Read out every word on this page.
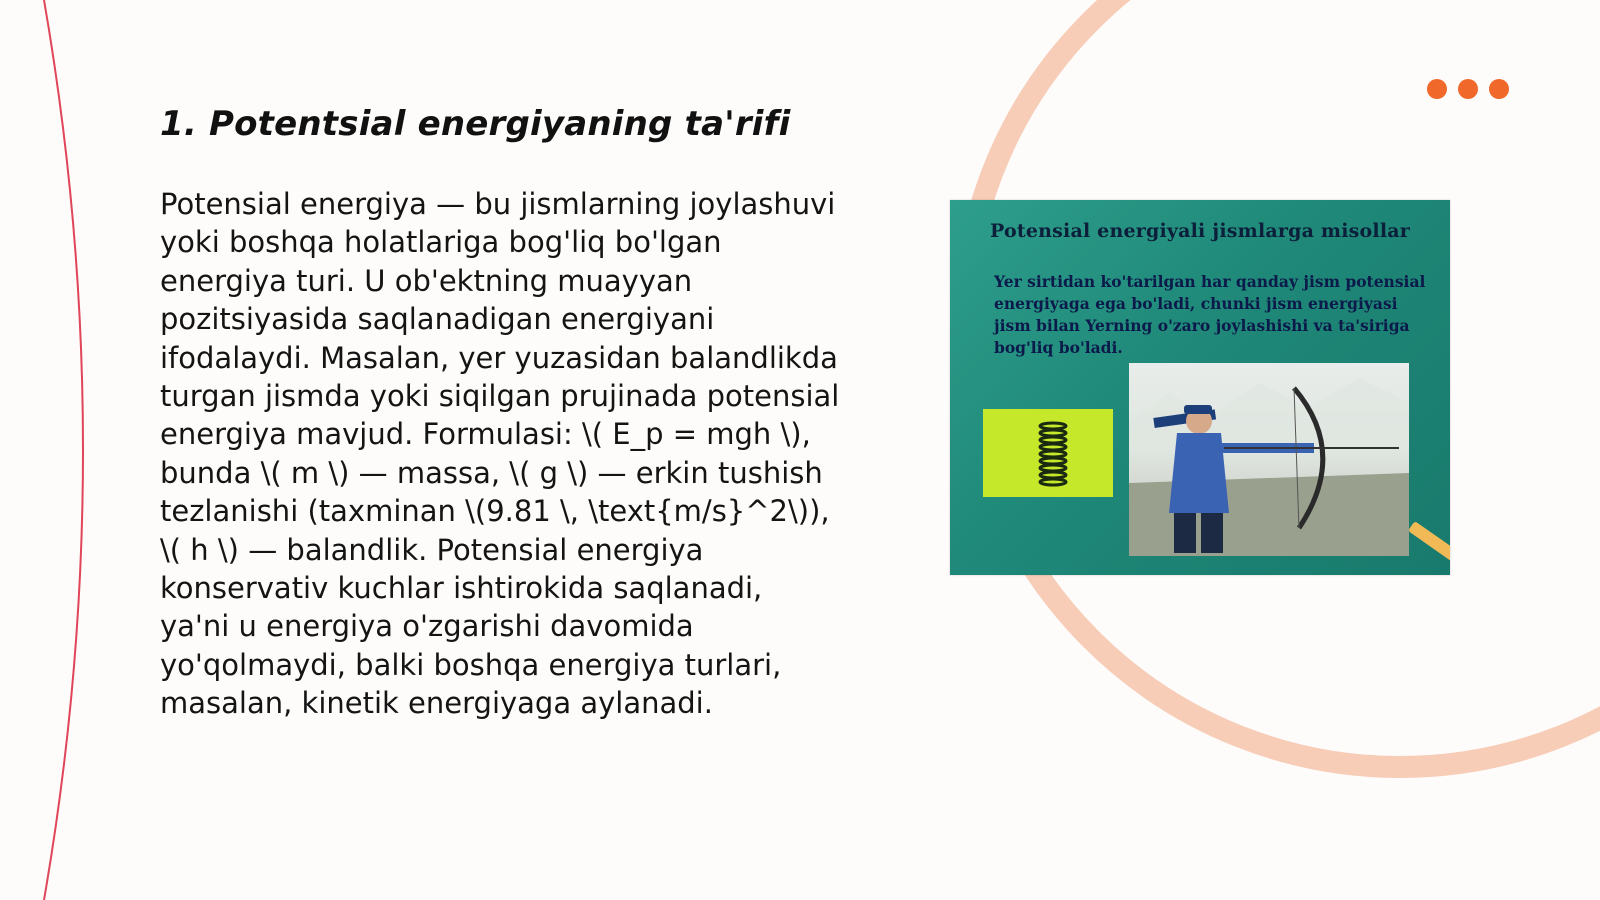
1. Potentsial energiyaning ta'rifi

Potensial energiya — bu jismlarning joylashuvi yoki boshqa holatlariga bog'liq bo'lgan energiya turi. U ob'ektning muayyan pozitsiyasida saqlanadigan energiyani ifodalaydi. Masalan, yer yuzasidan balandlikda turgan jismda yoki siqilgan prujinada potensial energiya mavjud. Formulasi: \( E_p = mgh \), bunda \( m \) — massa, \( g \) — erkin tushish tezlanishi (taxminan \(9.81 \, \text{m/s}^2\)), \( h \) — balandlik. Potensial energiya konservativ kuchlar ishtirokida saqlanadi, ya'ni u energiya o'zgarishi davomida yo'qolmaydi, balki boshqa energiya turlari, masalan, kinetik energiyaga aylanadi.

Potensial energiyali jismlarga misollar
Yer sirtidan ko'tarilgan har qanday jism potensial energiyaga ega bo'ladi, chunki jism energiyasi jism bilan Yerning o'zaro joylashishi va ta'siriga bog'liq bo'ladi.
